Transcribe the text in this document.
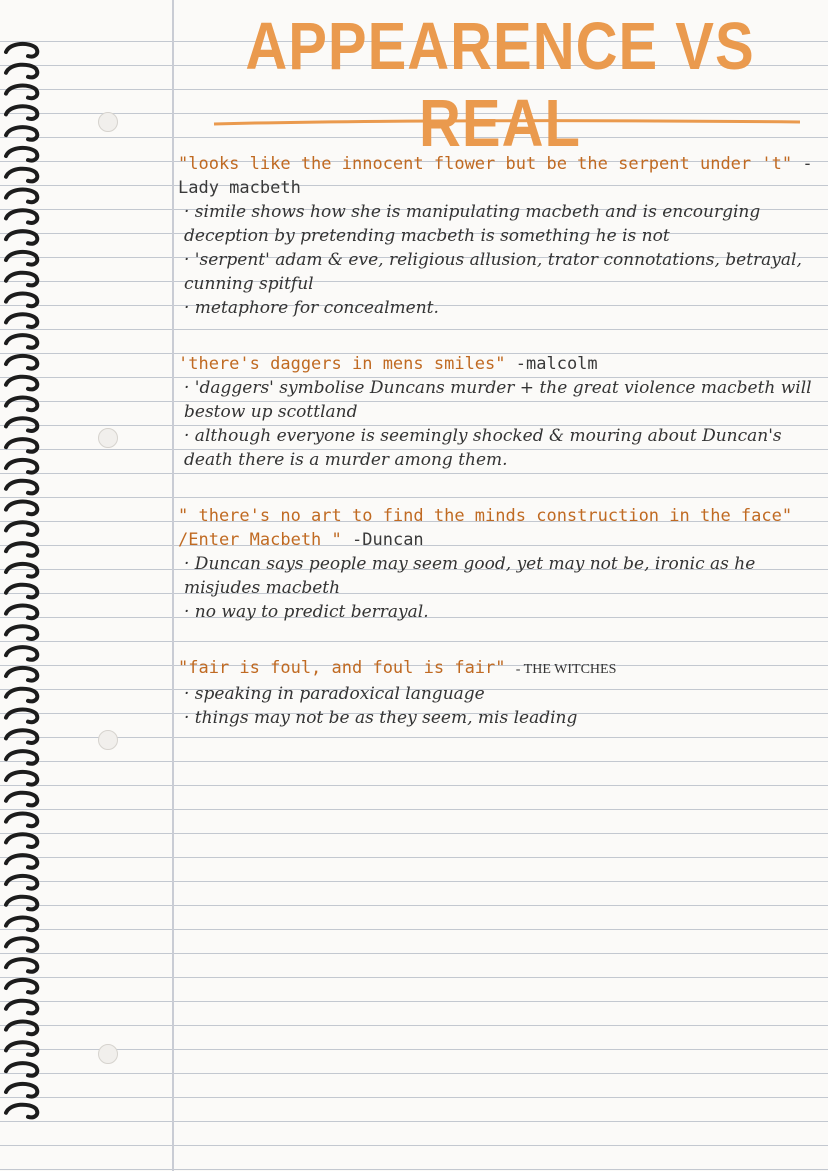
APPEARENCE VS REAL
"looks like the innocent flower but be the serpent under 't" -Lady macbeth
· simile shows how she is manipulating macbeth and is encourging deception by pretending macbeth is something he is not
· 'serpent' adam & eve, religious allusion, trator connotations, betrayal, cunning spitful
· metaphore for concealment.
'there's daggers in mens smiles" -malcolm
· 'daggers' symbolise Duncans murder + the great violence macbeth will bestow up scottland
· although everyone is seemingly shocked & mouring about Duncan's death there is a murder among them.
" there's no art to find the minds construction in the face" /Enter Macbeth " -Duncan
· Duncan says people may seem good, yet may not be, ironic as he misjudes macbeth
· no way to predict berrayal.
"fair is foul, and foul is fair" - THE WITCHES
· speaking in paradoxical language
· things may not be as they seem, mis leading
